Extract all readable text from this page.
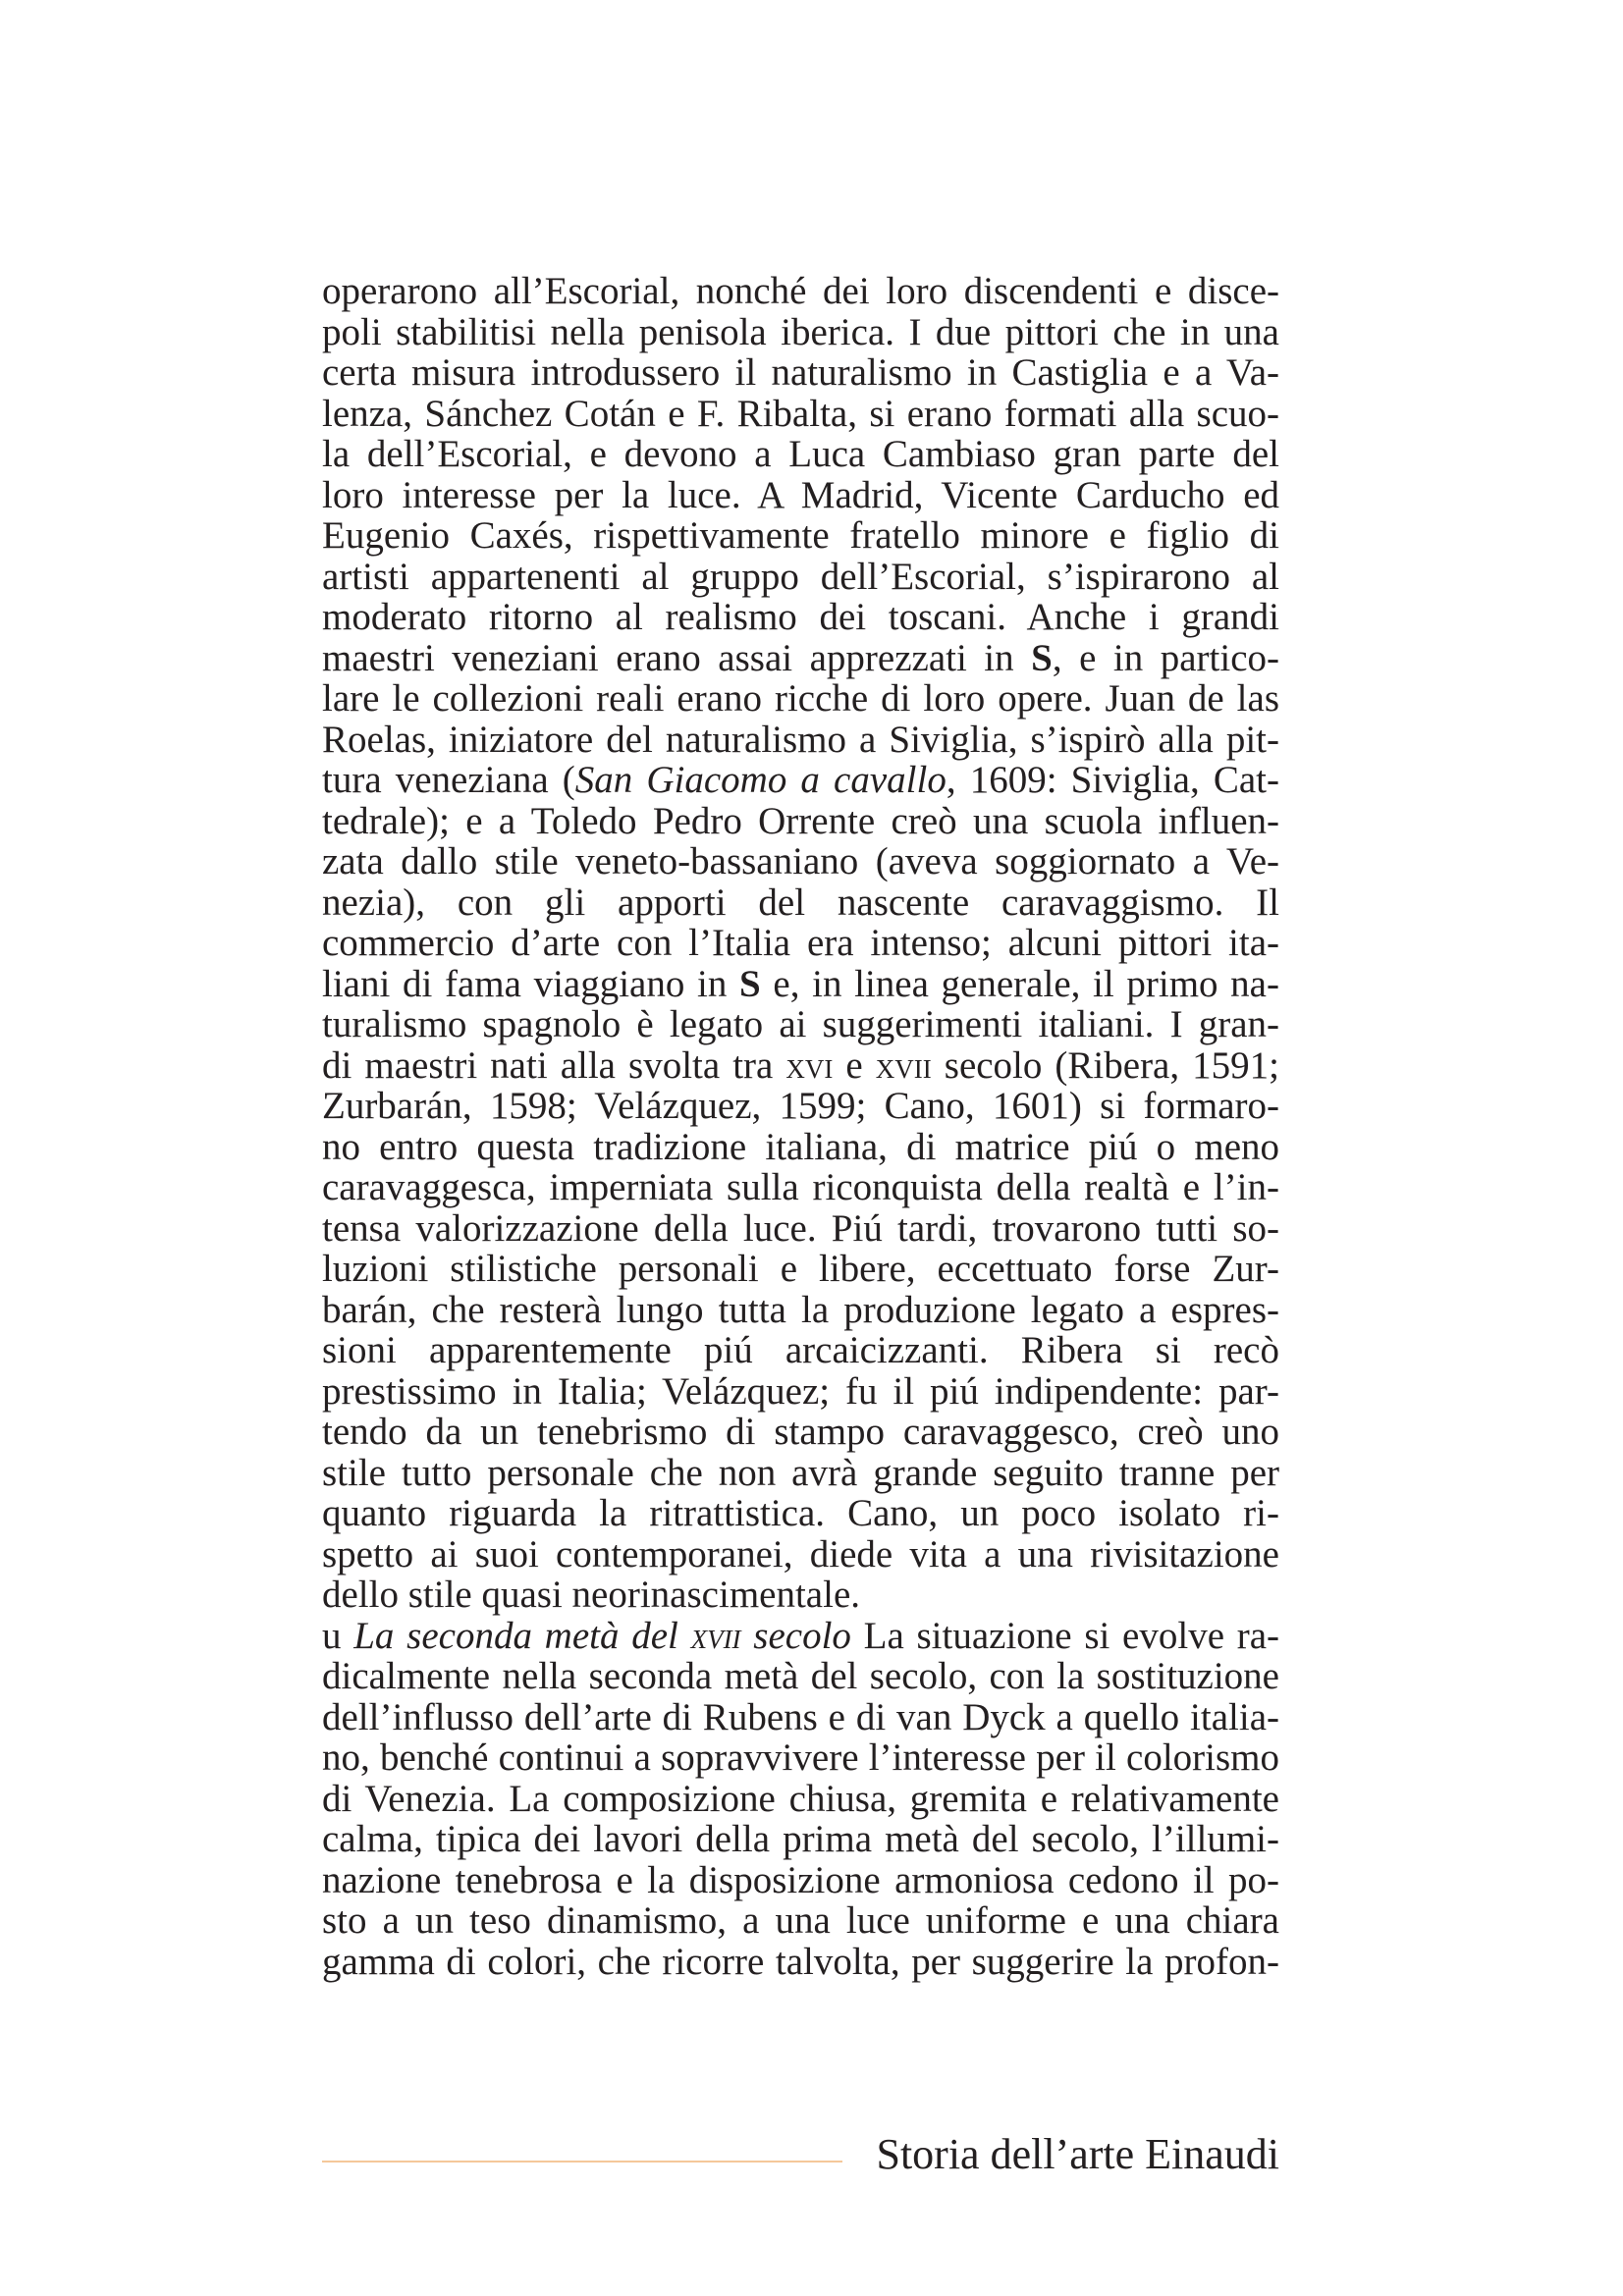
operarono all’Escorial, nonché dei loro discendenti e disce-
poli stabilitisi nella penisola iberica. I due pittori che in una
certa misura introdussero il naturalismo in Castiglia e a Va-
lenza, Sánchez Cotán e F. Ribalta, si erano formati alla scuo-
la dell’Escorial, e devono a Luca Cambiaso gran parte del
loro interesse per la luce. A Madrid, Vicente Carducho ed
Eugenio Caxés, rispettivamente fratello minore e figlio di
artisti appartenenti al gruppo dell’Escorial, s’ispirarono al
moderato ritorno al realismo dei toscani. Anche i grandi
maestri veneziani erano assai apprezzati in S, e in partico-
lare le collezioni reali erano ricche di loro opere. Juan de las
Roelas, iniziatore del naturalismo a Siviglia, s’ispirò alla pit-
tura veneziana (San Giacomo a cavallo, 1609: Siviglia, Cat-
tedrale); e a Toledo Pedro Orrente creò una scuola influen-
zata dallo stile veneto-bassaniano (aveva soggiornato a Ve-
nezia), con gli apporti del nascente caravaggismo. Il
commercio d’arte con l’Italia era intenso; alcuni pittori ita-
liani di fama viaggiano in S e, in linea generale, il primo na-
turalismo spagnolo è legato ai suggerimenti italiani. I gran-
di maestri nati alla svolta tra xvi e xvii secolo (Ribera, 1591;
Zurbarán, 1598; Velázquez, 1599; Cano, 1601) si formaro-
no entro questa tradizione italiana, di matrice piú o meno
caravaggesca, imperniata sulla riconquista della realtà e l’in-
tensa valorizzazione della luce. Piú tardi, trovarono tutti so-
luzioni stilistiche personali e libere, eccettuato forse Zur-
barán, che resterà lungo tutta la produzione legato a espres-
sioni apparentemente piú arcaicizzanti. Ribera si recò
prestissimo in Italia; Velázquez; fu il piú indipendente: par-
tendo da un tenebrismo di stampo caravaggesco, creò uno
stile tutto personale che non avrà grande seguito tranne per
quanto riguarda la ritrattistica. Cano, un poco isolato ri-
spetto ai suoi contemporanei, diede vita a una rivisitazione
dello stile quasi neorinascimentale.
u La seconda metà del xvii secolo La situazione si evolve ra-
dicalmente nella seconda metà del secolo, con la sostituzione
dell’influsso dell’arte di Rubens e di van Dyck a quello italia-
no, benché continui a sopravvivere l’interesse per il colorismo
di Venezia. La composizione chiusa, gremita e relativamente
calma, tipica dei lavori della prima metà del secolo, l’illumi-
nazione tenebrosa e la disposizione armoniosa cedono il po-
sto a un teso dinamismo, a una luce uniforme e una chiara
gamma di colori, che ricorre talvolta, per suggerire la profon-
Storia dell’arte Einaudi
